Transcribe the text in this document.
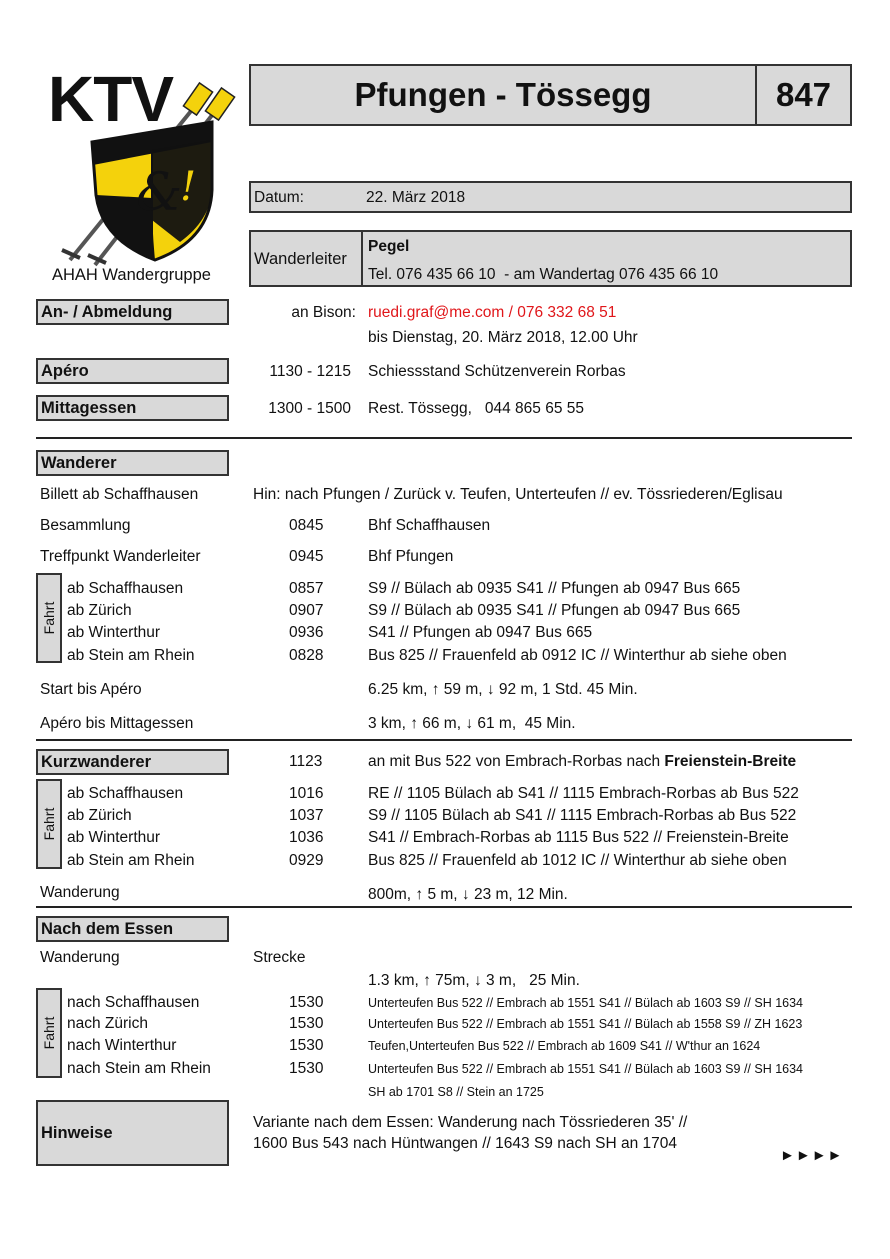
KTV
&
!
AHAH Wandergruppe
Pfungen - Tössegg	847
Datum:	22. März 2018
Wanderleiter
Pegel
Tel. 076 435 66 10  - am Wandertag 076 435 66 10
An- / Abmeldung	an Bison: ruedi.graf@me.com / 076 332 68 51
bis Dienstag, 20. März 2018, 12.00 Uhr
Apéro	1130 - 1215 Schiessstand Schützenverein Rorbas
Mittagessen	1300 - 1500 Rest. Tössegg,   044 865 65 55
Wanderer
Billett ab Schaffhausen	Hin: nach Pfungen / Zurück v. Teufen, Unterteufen // ev. Tössriederen/Eglisau
Besammlung	0845	Bhf Schaffhausen
Treffpunkt Wanderleiter	0945	Bhf Pfungen
Fahrt
ab Schaffhausen	0857	S9 // Bülach ab 0935 S41 // Pfungen ab 0947 Bus 665
ab Zürich	0907	S9 // Bülach ab 0935 S41 // Pfungen ab 0947 Bus 665
ab Winterthur	0936	S41 // Pfungen ab 0947 Bus 665
ab Stein am Rhein	0828	Bus 825 // Frauenfeld ab 0912 IC // Winterthur ab siehe oben
Start bis Apéro	6.25 km, ↑ 59 m, ↓ 92 m, 1 Std. 45 Min.
Apéro bis Mittagessen	3 km, ↑ 66 m, ↓ 61 m,  45 Min.
Kurzwanderer	1123	an mit Bus 522 von Embrach-Rorbas nach Freienstein-Breite
Fahrt
ab Schaffhausen	1016	RE // 1105 Bülach ab S41 // 1115 Embrach-Rorbas ab Bus 522
ab Zürich	1037	S9 // 1105 Bülach ab S41 // 1115 Embrach-Rorbas ab Bus 522
ab Winterthur	1036	S41 // Embrach-Rorbas ab 1115 Bus 522 // Freienstein-Breite
ab Stein am Rhein	0929	Bus 825 // Frauenfeld ab 1012 IC // Winterthur ab siehe oben
Wanderung	800m, ↑ 5 m, ↓ 23 m, 12 Min.
Nach dem Essen
Wanderung	Strecke
1.3 km, ↑ 75m, ↓ 3 m,   25 Min.
Fahrt
nach Schaffhausen	1530	Unterteufen Bus 522 // Embrach ab 1551 S41 // Bülach ab 1603 S9 // SH 1634
nach Zürich	1530	Unterteufen Bus 522 // Embrach ab 1551 S41 // Bülach ab 1558 S9 // ZH 1623
nach Winterthur	1530	Teufen,Unterteufen Bus 522 // Embrach ab 1609 S41 // W'thur an 1624
nach Stein am Rhein	1530	Unterteufen Bus 522 // Embrach ab 1551 S41 // Bülach ab 1603 S9 // SH 1634
SH ab 1701 S8 // Stein an 1725
Hinweise
Variante nach dem Essen: Wanderung nach Tössriederen 35' //
1600 Bus 543 nach Hüntwangen // 1643 S9 nach SH an 1704
►►►►
